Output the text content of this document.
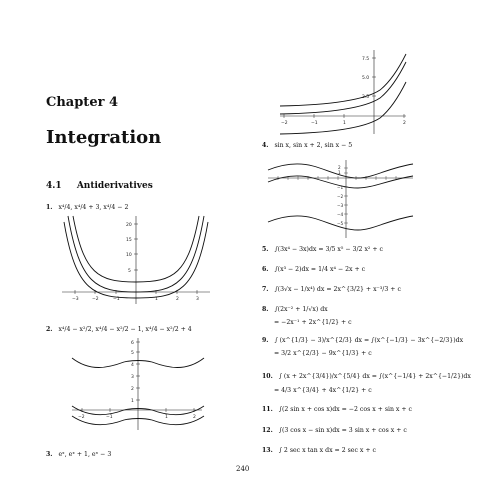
Chapter 4
Integration
4.1 Antiderivatives
1. x⁴/4, x⁴/4 + 3, x⁴/4 − 2
2. x⁴/4 − x²/2, x⁴/4 − x²/2 − 1, x⁴/4 − x²/2 + 4
3. eˣ, eˣ + 1, eˣ − 3
4. sin x, sin x + 2, sin x − 5
5. ∫(3x⁴ − 3x)dx = 3/5 x⁵ − 3/2 x² + c
6. ∫(x³ − 2)dx = 1/4 x⁴ − 2x + c
7. ∫(3√x − 1/x⁴) dx = 2x^{3/2} + x⁻³/3 + c
8. ∫(2x⁻² + 1/√x) dx
= −2x⁻¹ + 2x^{1/2} + c
9. ∫ (x^{1/3} − 3)/x^{2/3} dx = ∫(x^{−1/3} − 3x^{−2/3})dx
= 3/2 x^{2/3} − 9x^{1/3} + c
10. ∫ (x + 2x^{3/4})/x^{5/4} dx = ∫(x^{−1/4} + 2x^{−1/2})dx
= 4/3 x^{3/4} + 4x^{1/2} + c
11. ∫(2 sin x + cos x)dx = −2 cos x + sin x + c
12. ∫(3 cos x − sin x)dx = 3 sin x + cos x + c
13. ∫ 2 sec x tan x dx = 2 sec x + c
−3	−2	−1	1	2	3
5
10
15
20
−2	−1	1	2
1
2
3
4
5
6
−2	−1	1	2
2.5
5.0
7.5
2
1
−1
−2
−3
−4
−5
240
